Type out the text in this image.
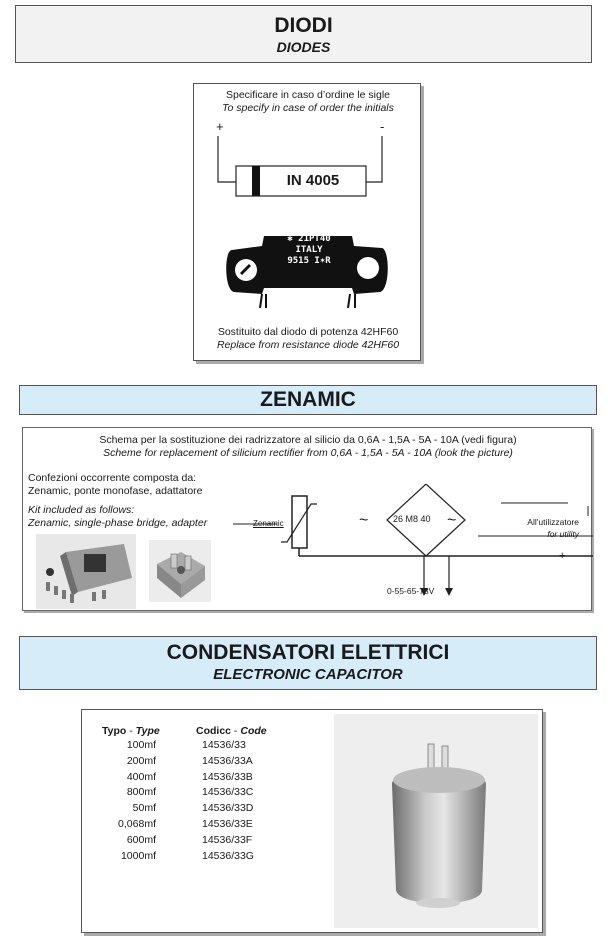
DIODI
DIODES
Specificare in caso d’ordine le sigle
To specify in case of order the initials
+	-
IN 4005
✱ 21PT40
ITALY
9515 I✶R
Sostituito dal diodo di potenza 42HF60
Replace from resistance diode 42HF60
ZENAMIC
Schema per la sostituzione dei radrizzatore al silicio da 0,6A - 1,5A - 5A - 10A (vedi figura)
Scheme for replacement of silicium rectifier from 0,6A - 1,5A - 5A - 10A (look the picture)
Confezioni occorrente composta da:
Zenamic, ponte monofase, adattatore
Kit included as follows:
Zenamic, single-phase bridge, adapter	Zenamic	~	26 M8 40 ~
-
All'utilizzatore
for utility
+
0-55-65-73V
CONDENSATORI ELETTRICI
ELECTRONIC CAPACITOR
Typo - Type	Codicc - Code
100mf	14536/33
200mf	14536/33A
400mf	14536/33B
800mf	14536/33C
50mf	14536/33D
0,068mf	14536/33E
600mf	14536/33F
1000mf	14536/33G
